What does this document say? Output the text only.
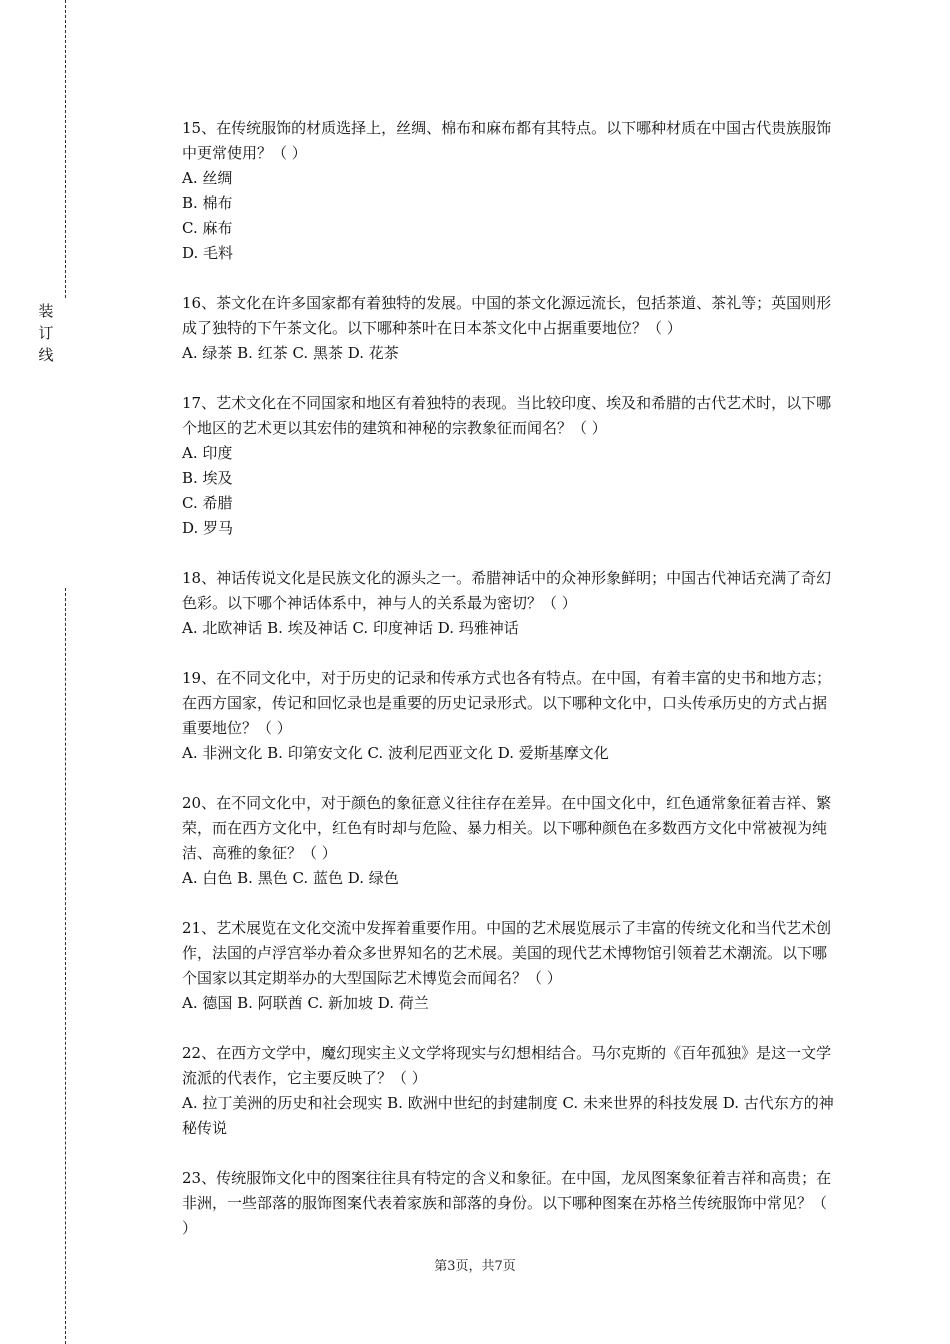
装
订
线

15、在传统服饰的材质选择上，丝绸、棉布和麻布都有其特点。以下哪种材质在中国古代贵族服饰中更常使用？（ ）

A. 丝绸

B. 棉布

C. 麻布

D. 毛料

16、茶文化在许多国家都有着独特的发展。中国的茶文化源远流长，包括茶道、茶礼等；英国则形成了独特的下午茶文化。以下哪种茶叶在日本茶文化中占据重要地位？（ ）

A. 绿茶 B. 红茶 C. 黑茶 D. 花茶

17、艺术文化在不同国家和地区有着独特的表现。当比较印度、埃及和希腊的古代艺术时，以下哪个地区的艺术更以其宏伟的建筑和神秘的宗教象征而闻名？（ ）

A. 印度

B. 埃及

C. 希腊

D. 罗马

18、神话传说文化是民族文化的源头之一。希腊神话中的众神形象鲜明；中国古代神话充满了奇幻色彩。以下哪个神话体系中，神与人的关系最为密切？（ ）

A. 北欧神话 B. 埃及神话 C. 印度神话 D. 玛雅神话

19、在不同文化中，对于历史的记录和传承方式也各有特点。在中国，有着丰富的史书和地方志；在西方国家，传记和回忆录也是重要的历史记录形式。以下哪种文化中，口头传承历史的方式占据重要地位？（ ）

A. 非洲文化 B. 印第安文化 C. 波利尼西亚文化 D. 爱斯基摩文化

20、在不同文化中，对于颜色的象征意义往往存在差异。在中国文化中，红色通常象征着吉祥、繁荣，而在西方文化中，红色有时却与危险、暴力相关。以下哪种颜色在多数西方文化中常被视为纯洁、高雅的象征？（ ）

A. 白色 B. 黑色 C. 蓝色 D. 绿色

21、艺术展览在文化交流中发挥着重要作用。中国的艺术展览展示了丰富的传统文化和当代艺术创作，法国的卢浮宫举办着众多世界知名的艺术展。美国的现代艺术博物馆引领着艺术潮流。以下哪个国家以其定期举办的大型国际艺术博览会而闻名？（ ）

A. 德国 B. 阿联酋 C. 新加坡 D. 荷兰

22、在西方文学中，魔幻现实主义文学将现实与幻想相结合。马尔克斯的《百年孤独》是这一文学流派的代表作，它主要反映了？（ ）

A. 拉丁美洲的历史和社会现实 B. 欧洲中世纪的封建制度 C. 未来世界的科技发展 D. 古代东方的神秘传说

23、传统服饰文化中的图案往往具有特定的含义和象征。在中国，龙凤图案象征着吉祥和高贵；在非洲，一些部落的服饰图案代表着家族和部落的身份。以下哪种图案在苏格兰传统服饰中常见？（ ）

第3页，共7页
